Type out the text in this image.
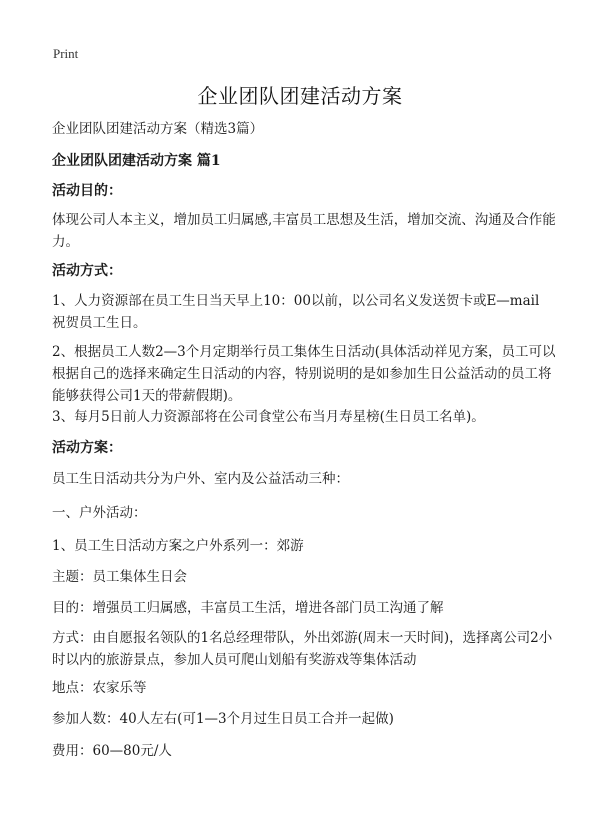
Print
企业团队团建活动方案
企业团队团建活动方案（精选3篇）
企业团队团建活动方案 篇1
活动目的：
体现公司人本主义，增加员工归属感,丰富员工思想及生活，增加交流、沟通及合作能力。
活动方式：
1、人力资源部在员工生日当天早上10：00以前，以公司名义发送贺卡或E—mail 祝贺员工生日。
2、根据员工人数2—3个月定期举行员工集体生日活动(具体活动祥见方案，员工可以根据自己的选择来确定生日活动的内容，特别说明的是如参加生日公益活动的员工将能够获得公司1天的带薪假期)。
3、每月5日前人力资源部将在公司食堂公布当月寿星榜(生日员工名单)。
活动方案：
员工生日活动共分为户外、室内及公益活动三种：
一、户外活动：
1、员工生日活动方案之户外系列一：郊游
主题：员工集体生日会
目的：增强员工归属感，丰富员工生活，增进各部门员工沟通了解
方式：由自愿报名领队的1名总经理带队，外出郊游(周末一天时间)，选择离公司2小时以内的旅游景点，参加人员可爬山划船有奖游戏等集体活动
地点：农家乐等
参加人数：40人左右(可1—3个月过生日员工合并一起做)
费用：60—80元/人
